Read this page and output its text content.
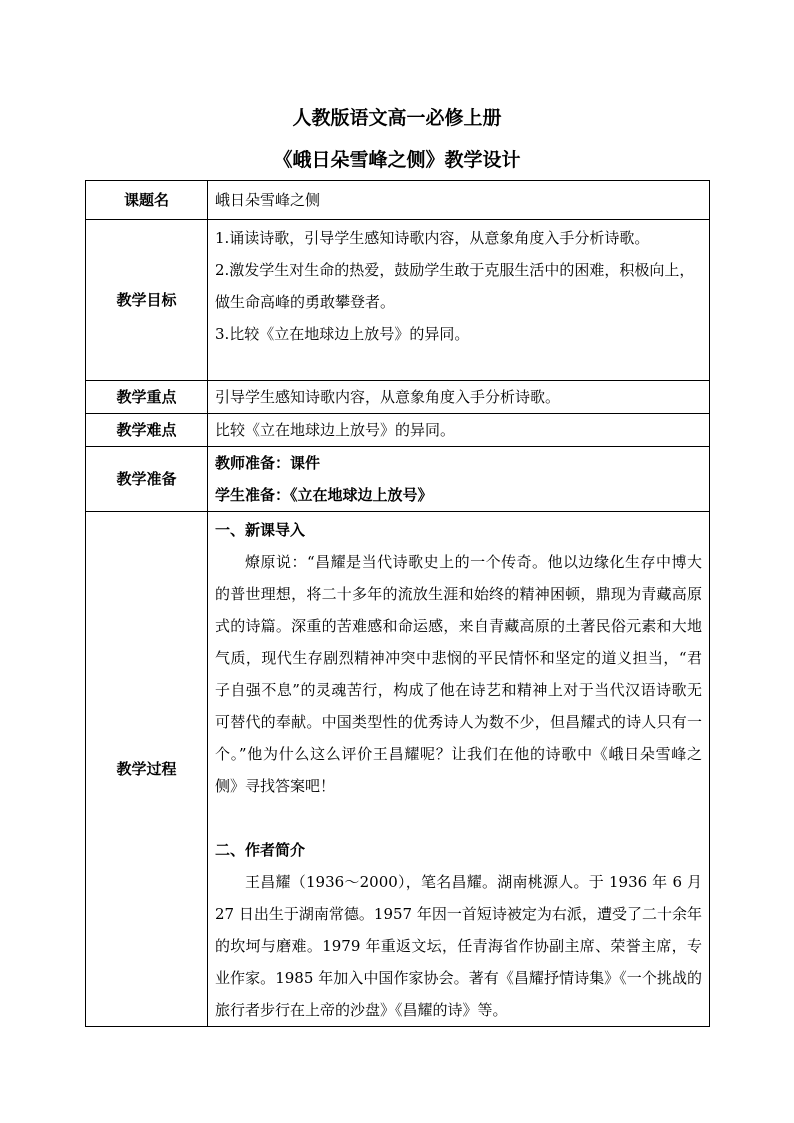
人教版语文高一必修上册
《峨日朵雪峰之侧》教学设计
课题名	峨日朵雪峰之侧
教学目标	1.诵读诗歌，引导学生感知诗歌内容，从意象角度入手分析诗歌。
2.激发学生对生命的热爱，鼓励学生敢于克服生活中的困难，积极向上，做生命高峰的勇敢攀登者。
3.比较《立在地球边上放号》的异同。

教学重点	引导学生感知诗歌内容，从意象角度入手分析诗歌。
教学难点	比较《立在地球边上放号》的异同。
教学准备	教师准备：课件
学生准备：《立在地球边上放号》

教学过程	一、新课导入
燎原说：“昌耀是当代诗歌史上的一个传奇。他以边缘化生存中博大的普世理想，将二十多年的流放生涯和始终的精神困顿，鼎现为青藏高原式的诗篇。深重的苦难感和命运感，来自青藏高原的土著民俗元素和大地气质，现代生存剧烈精神冲突中悲悯的平民情怀和坚定的道义担当，“君子自强不息”的灵魂苦行，构成了他在诗艺和精神上对于当代汉语诗歌无可替代的奉献。中国类型性的优秀诗人为数不少，但昌耀式的诗人只有一个。”他为什么这么评价王昌耀呢？让我们在他的诗歌中《峨日朵雪峰之侧》寻找答案吧！
二、作者简介
王昌耀（1936～2000），笔名昌耀。湖南桃源人。于 1936 年 6 月 27 日出生于湖南常德。1957 年因一首短诗被定为右派，遭受了二十余年的坎坷与磨难。1979 年重返文坛，任青海省作协副主席、荣誉主席，专业作家。1985 年加入中国作家协会。著有《昌耀抒情诗集》《一个挑战的旅行者步行在上帝的沙盘》《昌耀的诗》等。
